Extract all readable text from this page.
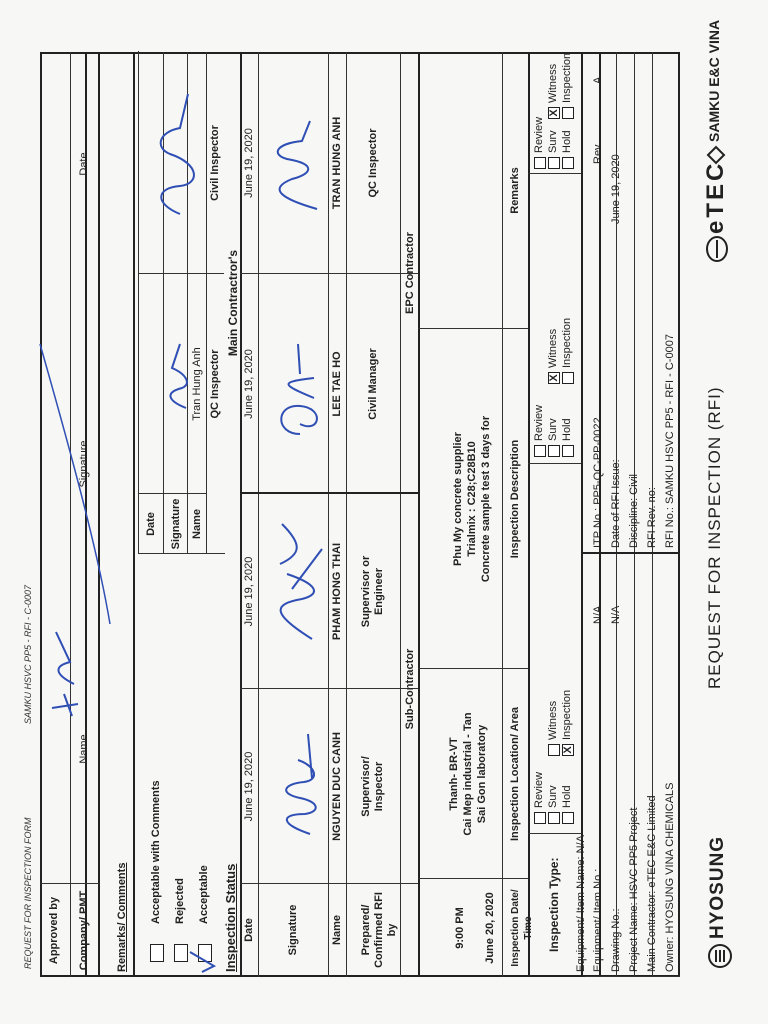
HYOSUNG
REQUEST FOR INSPECTION (RFI)
eTEC
SAMKU E&C VINA
Owner: HYOSUNG VINA CHEMICALS
Main Contractor: eTEC E&C Limited
Project Name: HSVC PP5 Project
Drawing No.:
N/A
Equipment/ Item No :
N/A
Equipment/ Item Name: N/A
RFI No.: SAMKU HSVC PP5 - RFI - C-0007
RFI Rev. no:
Discipline: Civil
Date of RFI Issue:
June 19, 2020
ITP No : PP5-QC-PP-0022
Rev
A
Inspection Type:
Hold
Surv
Review
X
Inspection
Witness
Hold
Surv
Review
Inspection
X
Witness
Hold
Surv
Review
Inspection
X
Witness
Inspection Date/ Time
Inspection Location/ Area
Inspection Description
Remarks
June 20, 2020
9:00 PM
Sai Gon laboratory
Cai Mep industrial - Tan
Thanh- BR-VT
Concrete sample test 3 days for
Trialmix : C28;C28B10
Phu My concrete supplier
Prepared/ Confirmed RFI by
Sub-Contractor
EPC Contractor
Supervisor/ Inspector
Supervisor or Engineer
Civil Manager
QC Inspector
Name
NGUYEN DUC CANH
PHAM HONG THAI
LEE TAE HO
TRAN HUNG ANH
Signature
Date
June 19, 2020
June 19, 2020
June 19, 2020
June 19, 2020
Inspection Status
Acceptable
Rejected
Acceptable with Comments
Main Contractror's
QC Inspector
Civil Inspector
Name
Tran Hung Anh
Signature
Date
Remarks/ Comments
Company/ PMT
Approved by
Name
Signature
Date
REQUEST FOR INSPECTION FORM
SAMKU HSVC PP5 - RFI - C-0007
